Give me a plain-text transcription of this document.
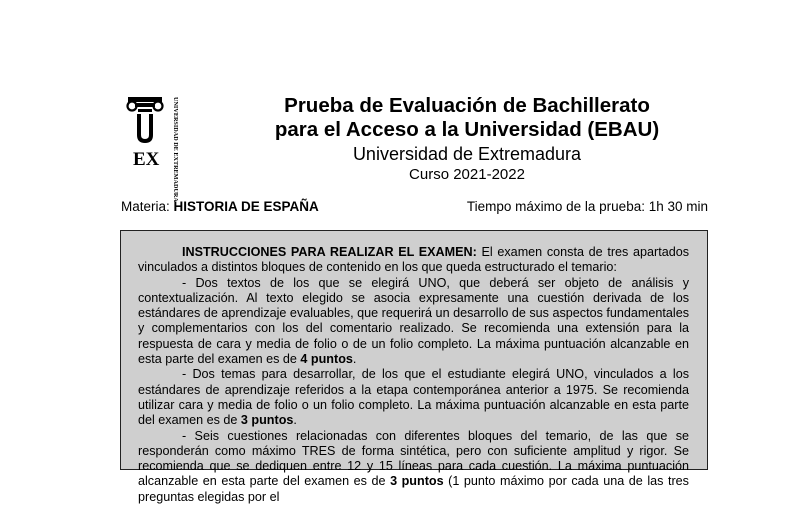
EX UNIVERSIDAD DE EXTREMADURA	Prueba de Evaluación de Bachillerato
para el Acceso a la Universidad (EBAU)
Universidad de Extremadura
Curso 2021-2022
Materia: HISTORIA DE ESPAÑA	Tiempo máximo de la prueba: 1h 30 min

INSTRUCCIONES PARA REALIZAR EL EXAMEN: El examen consta de tres apartados vinculados a distintos bloques de contenido en los que queda estructurado el temario:

- Dos textos de los que se elegirá UNO, que deberá ser objeto de análisis y contextualización. Al texto elegido se asocia expresamente una cuestión derivada de los estándares de aprendizaje evaluables, que requerirá un desarrollo de sus aspectos fundamentales y complementarios con los del comentario realizado. Se recomienda una extensión para la respuesta de cara y media de folio o de un folio completo. La máxima puntuación alcanzable en esta parte del examen es de 4 puntos.

- Dos temas para desarrollar, de los que el estudiante elegirá UNO, vinculados a los estándares de aprendizaje referidos a la etapa contemporánea anterior a 1975. Se recomienda utilizar cara y media de folio o un folio completo. La máxima puntuación alcanzable en esta parte del examen es de 3 puntos.

- Seis cuestiones relacionadas con diferentes bloques del temario, de las que se responderán como máximo TRES de forma sintética, pero con suficiente amplitud y rigor. Se recomienda que se dediquen entre 12 y 15 líneas para cada cuestión. La máxima puntuación alcanzable en esta parte del examen es de 3 puntos (1 punto máximo por cada una de las tres preguntas elegidas por el
